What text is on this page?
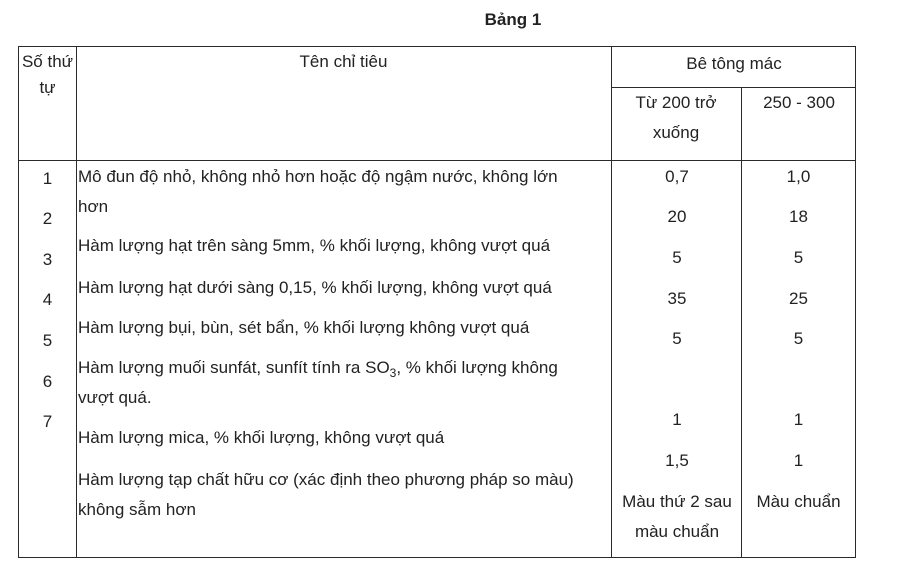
Bảng 1
Số thứ
tự
Tên chỉ tiêu	Bê tông mác
Từ 200 trở
xuống
250 - 300
1
2
3
4
5
6
7
Mô đun độ nhỏ, không nhỏ hơn hoặc độ ngậm nước, không lớn
hơn
Hàm lượng hạt trên sàng 5mm, % khối lượng, không vượt quá
Hàm lượng hạt dưới sàng 0,15, % khối lượng, không vượt quá
Hàm lượng bụi, bùn, sét bẩn, % khối lượng không vượt quá
Hàm lượng muối sunfát, sunfít tính ra $SO_3$, % khối lượng không
vượt quá.
Hàm lượng mica, % khối lượng, không vượt quá
Hàm lượng tạp chất hữu cơ (xác định theo phương pháp so màu)
không sẫm hơn
0,7
20
5
35
5
1
1,5
Màu thứ 2 sau
màu chuẩn
1,0
18
5
25
5
1
1
Màu chuẩn
